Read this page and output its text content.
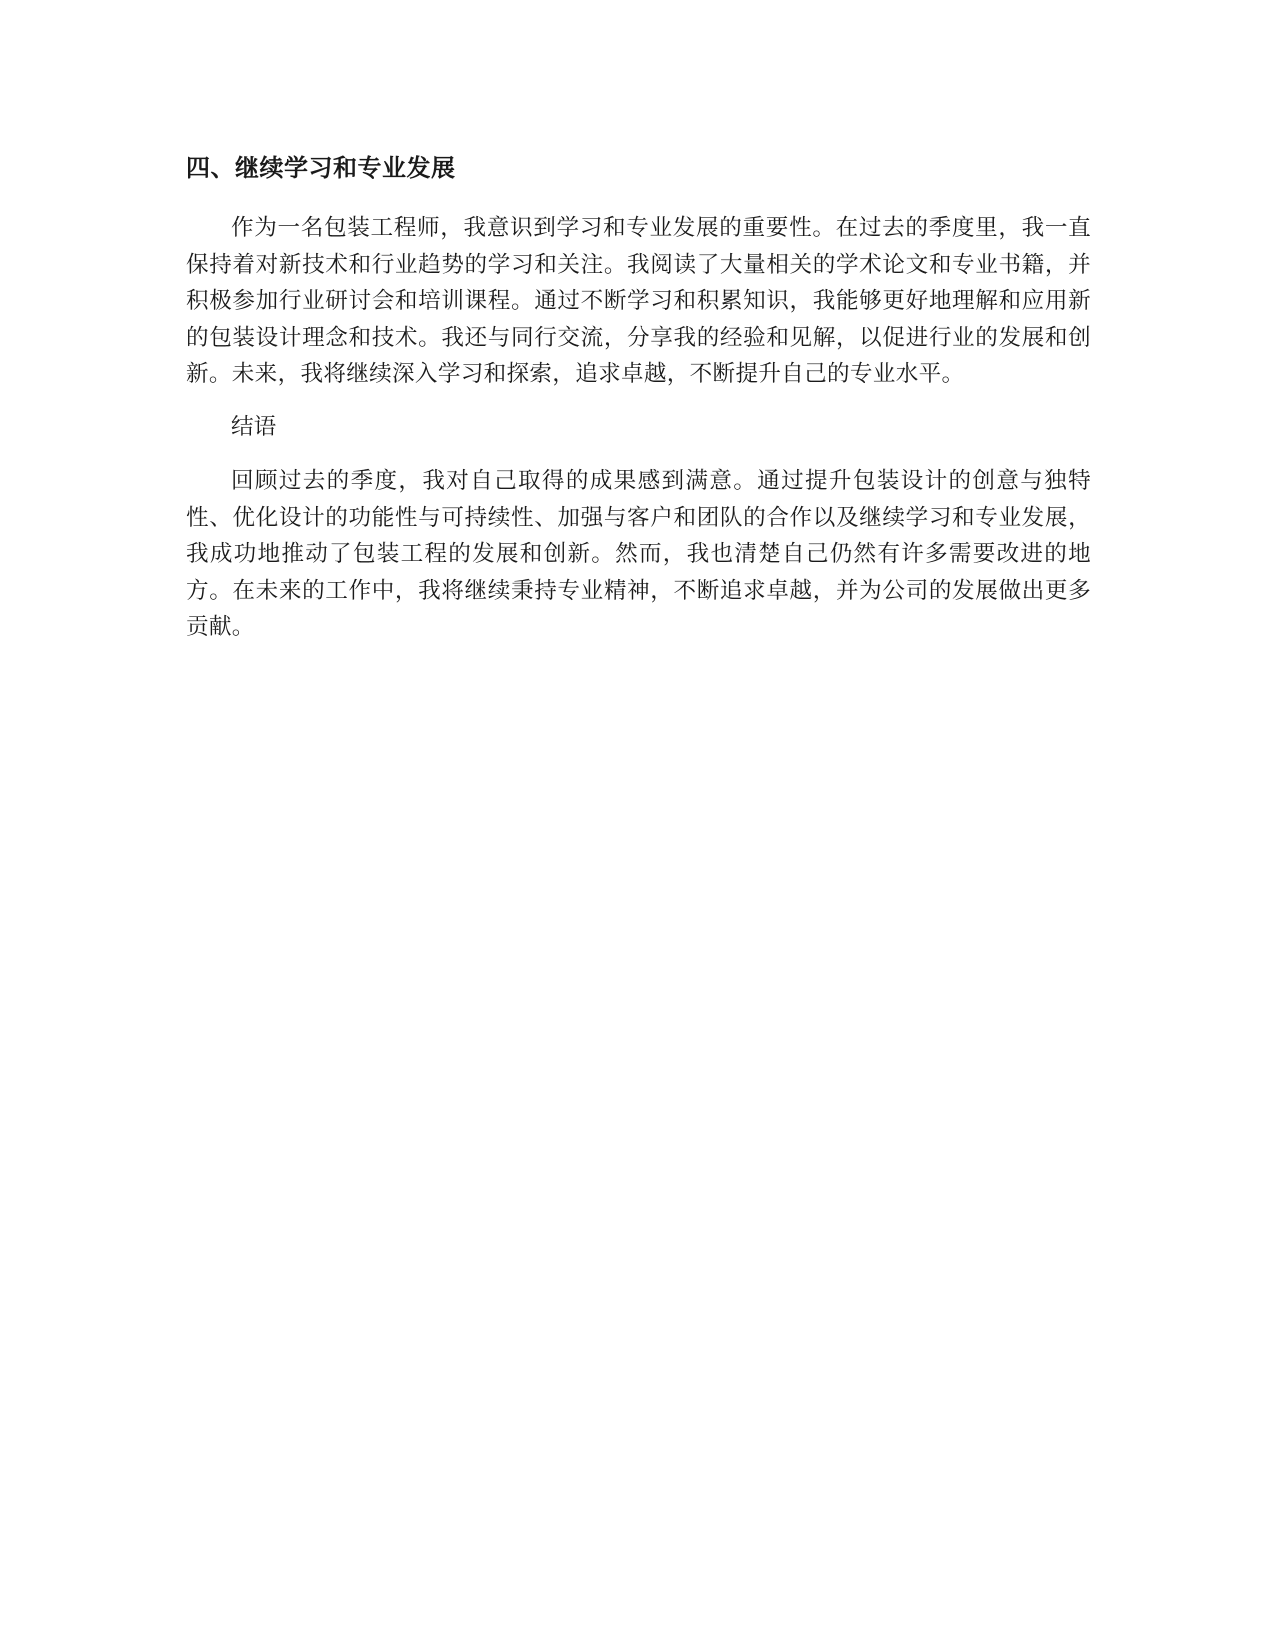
四、继续学习和专业发展

作为一名包装工程师，我意识到学习和专业发展的重要性。在过去的季度里，我一直保持着对新技术和行业趋势的学习和关注。我阅读了大量相关的学术论文和专业书籍，并积极参加行业研讨会和培训课程。通过不断学习和积累知识，我能够更好地理解和应用新的包装设计理念和技术。我还与同行交流，分享我的经验和见解，以促进行业的发展和创新。未来，我将继续深入学习和探索，追求卓越，不断提升自己的专业水平。

结语

回顾过去的季度，我对自己取得的成果感到满意。通过提升包装设计的创意与独特性、优化设计的功能性与可持续性、加强与客户和团队的合作以及继续学习和专业发展，我成功地推动了包装工程的发展和创新。然而，我也清楚自己仍然有许多需要改进的地方。在未来的工作中，我将继续秉持专业精神，不断追求卓越，并为公司的发展做出更多贡献。
